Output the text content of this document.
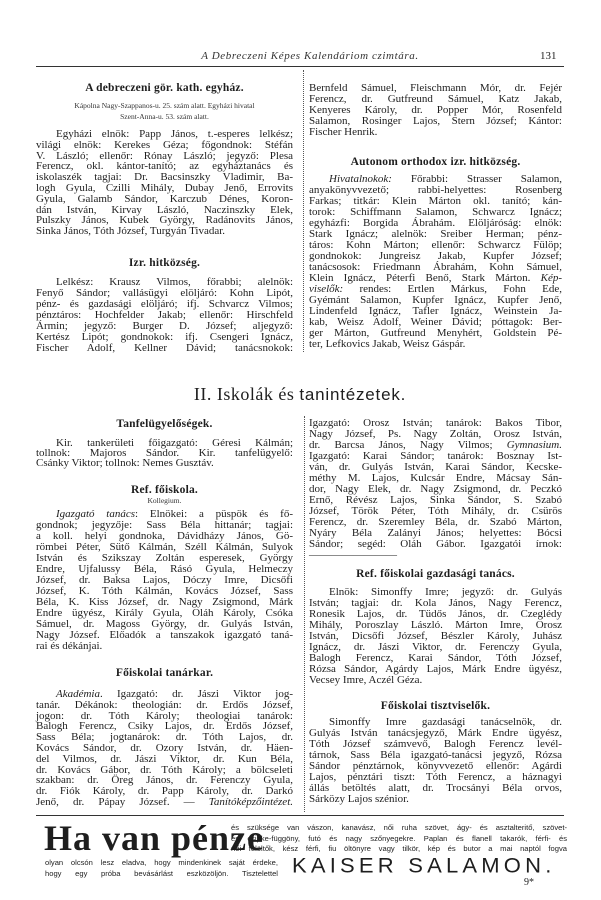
A Debreczeni Képes Kalendáriom czimtára.	131
A debreczeni gör. kath. egyház.
Kápolna Nagy-Szappanos-u. 25. szám alatt. Egyházi hivatal
Szent-Anna-u. 53. szám alatt.
Egyházi elnök: Papp János, t.-esperes lelkész;
világi elnök: Kerekes Géza; főgondnok: Stéfán
V. László; ellenőr: Rónay László; jegyző: Plesa
Ferencz, okl. kántor-tanító; az egyháztanács és
iskolaszék tagjai: Dr. Bacsinszky Vladimir, Ba-
logh Gyula, Czilli Mihály, Dubay Jenő, Errovits
Gyula, Galamb Sándor, Karczub Dénes, Koron-
dán István, Kirvay László, Naczinszky Elek,
Pulszky János, Kubek György, Radánovits János,
Sinka János, Tóth József, Turgyán Tivadar.
Izr. hitközség.
Lelkész: Krausz Vilmos, főrabbi; alelnök:
Fenyő Sándor; vallásügyi elöljáró: Kohn Lipót,
pénz- és gazdasági elöljáró; ifj. Schvarcz Vilmos;
pénztáros: Hochfelder Jakab; ellenőr: Hirschfeld
Ármin; jegyző: Burger D. József; aljegyző:
Kertész Lipót; gondnokok: ifj. Csengeri Ignácz,
Fischer Adolf, Kellner Dávid; tanácsnokok:
Bernfeld Sámuel, Fleischmann Mór, dr. Fejér
Ferencz, dr. Gutfreund Sámuel, Katz Jakab,
Kenyeres Károly, dr. Popper Mór, Rosenfeld
Salamon, Rosinger Lajos, Stern József; Kántor:
Fischer Henrik.
Autonom orthodox izr. hitközség.
Hivatalnokok: Főrabbi: Strasser Salamon,
anyakönyvvezető; rabbi-helyettes: Rosenberg
Farkas; titkár: Klein Márton okl. tanító; kán-
torok: Schiffmann Salamon, Schwarcz Ignácz;
egyházfi: Borgida Ábrahám. Elöljáróság: elnök:
Stark Ignácz; alelnök: Sreiber Herman; pénz-
táros: Kohn Márton; ellenőr: Schwarcz Fülöp;
gondnokok: Jungreisz Jakab, Kupfer József;
tanácsosok: Friedmann Ábrahám, Kohn Sámuel,
Klein Ignácz, Péterfi Benő, Stark Márton. Kép-
viselők: rendes: Ertlen Márkus, Fohn Ede,
Gyémánt Salamon, Kupfer Ignácz, Kupfer Jenő,
Lindenfeld Ignácz, Tafler Ignácz, Weinstein Ja-
kab, Weisz Adolf, Weiner Dávid; póttagok: Ber-
ger Márton, Gutfreund Menyhért, Goldstein Pé-
ter, Lefkovics Jakab, Weisz Gáspár.
II. Iskolák és tanintézetek.
Tanfelügyelőségek.
Kir. tankerületi főigazgató: Géresi Kálmán;
tollnok: Majoros Sándor. Kir. tanfelügyelő:
Csánky Viktor; tollnok: Nemes Gusztáv.
Ref. főiskola.
Kollegium.
Igazgató tanács: Elnökei: a püspök és fő-
gondnok; jegyzője: Sass Béla hittanár; tagjai:
a koll. helyi gondnoka, Dávidházy János, Gö-
römbei Péter, Sütő Kálmán, Széll Kálmán, Sulyok
István és Szikszay Zoltán esperesek, György
Endre, Ujfalussy Béla, Rásó Gyula, Helmeczy
József, dr. Baksa Lajos, Dóczy Imre, Dicsőfi
József, K. Tóth Kálmán, Kovács József, Sass
Béla, K. Kiss József, dr. Nagy Zsigmond, Márk
Endre ügyész, Király Gyula, Oláh Károly, Csóka
Sámuel, dr. Magoss György, dr. Gulyás István,
Nagy József. Előadók a tanszakok igazgató taná-
rai és dékánjai.
Főiskolai tanárkar.
Akadémia. Igazgató: dr. Jászi Viktor jog-
tanár. Dékánok: theologián: dr. Erdős József,
jogon: dr. Tóth Károly; theologiai tanárok:
Balogh Ferencz, Csiky Lajos, dr. Erdős József,
Sass Béla; jogtanárok: dr. Tóth Lajos, dr.
Kovács Sándor, dr. Ozory István, dr. Häen-
del Vilmos, dr. Jászi Viktor, dr. Kun Béla,
dr. Kovács Gábor, dr. Tóth Károly; a bölcseleti
szakban: dr. Öreg János, dr. Ferenczy Gyula,
dr. Fiók Károly, dr. Papp Károly, dr. Darkó
Jenő, dr. Pápay József. — Tanítóképzőintézet.
Igazgató: Orosz István; tanárok: Bakos Tibor,
Nagy József, Ps. Nagy Zoltán, Orosz István,
dr. Barcsa János, Nagy Vilmos; Gymnasium.
Igazgató: Karai Sándor; tanárok: Bosznay Ist-
ván, dr. Gulyás István, Karai Sándor, Kecske-
méthy M. Lajos, Kulcsár Endre, Mácsay Sán-
dor, Nagy Elek, dr. Nagy Zsigmond, dr. Peczkó
Ernő, Révész Lajos, Sinka Sándor, S. Szabó
József, Török Péter, Tóth Mihály, dr. Csürös
Ferencz, dr. Szeremley Béla, dr. Szabó Márton,
Nyáry Béla Zalányi János; helyettes: Bócsi
Sándor; segéd: Oláh Gábor. Igazgatói írnok:
————————
Ref. főiskolai gazdasági tanács.
Elnök: Simonffy Imre; jegyző: dr. Gulyás
István; tagjai: dr. Kola János, Nagy Ferencz,
Ronesik Lajos, dr. Tüdős János, dr. Czeglédy
Mihály, Poroszlay László. Márton Imre, Orosz
István, Dicsőfi József, Bészler Károly, Juhász
Ignácz, dr. Jászi Viktor, dr. Ferenczy Gyula,
Balogh Ferencz, Karai Sándor, Tóth József,
Rózsa Sándor, Agárdy Lajos, Márk Endre ügyész,
Vecsey Imre, Aczél Géza.
Főiskolai tisztviselők.
Simonffy Imre gazdasági tanácselnök, dr.
Gulyás István tanácsjegyző, Márk Endre ügyész,
Tóth József számvevő, Balogh Ferencz levél-
tárnok, Sass Béla igazgató-tanácsi jegyző, Rózsa
Sándor pénztárnok, könyvvezető ellenőr: Agárdi
Lajos, pénztári tiszt: Tóth Ferencz, a háznagyi
állás betöltés alatt, dr. Trocsányi Béla orvos,
Sárközy Lajos szénior.
Ha van pénze
és szüksége van vászon, kanavász, női ruha szövet, ágy- és asztalteritő, szövet-
és csipke-függöny, futó és nagy szőnyegekre. Paplan és flanell takarók, férfi- és
női felöltők, kész férfi, fiu öltönyre vagy tilkör, kép és butor a mai naptól fogva
olyan olcsón lesz eladva, hogy mindenkinek saját érdeke,
hogy egy próba bevásárlást eszközöljön. Tisztelettel KAISER SALAMON.
9*
